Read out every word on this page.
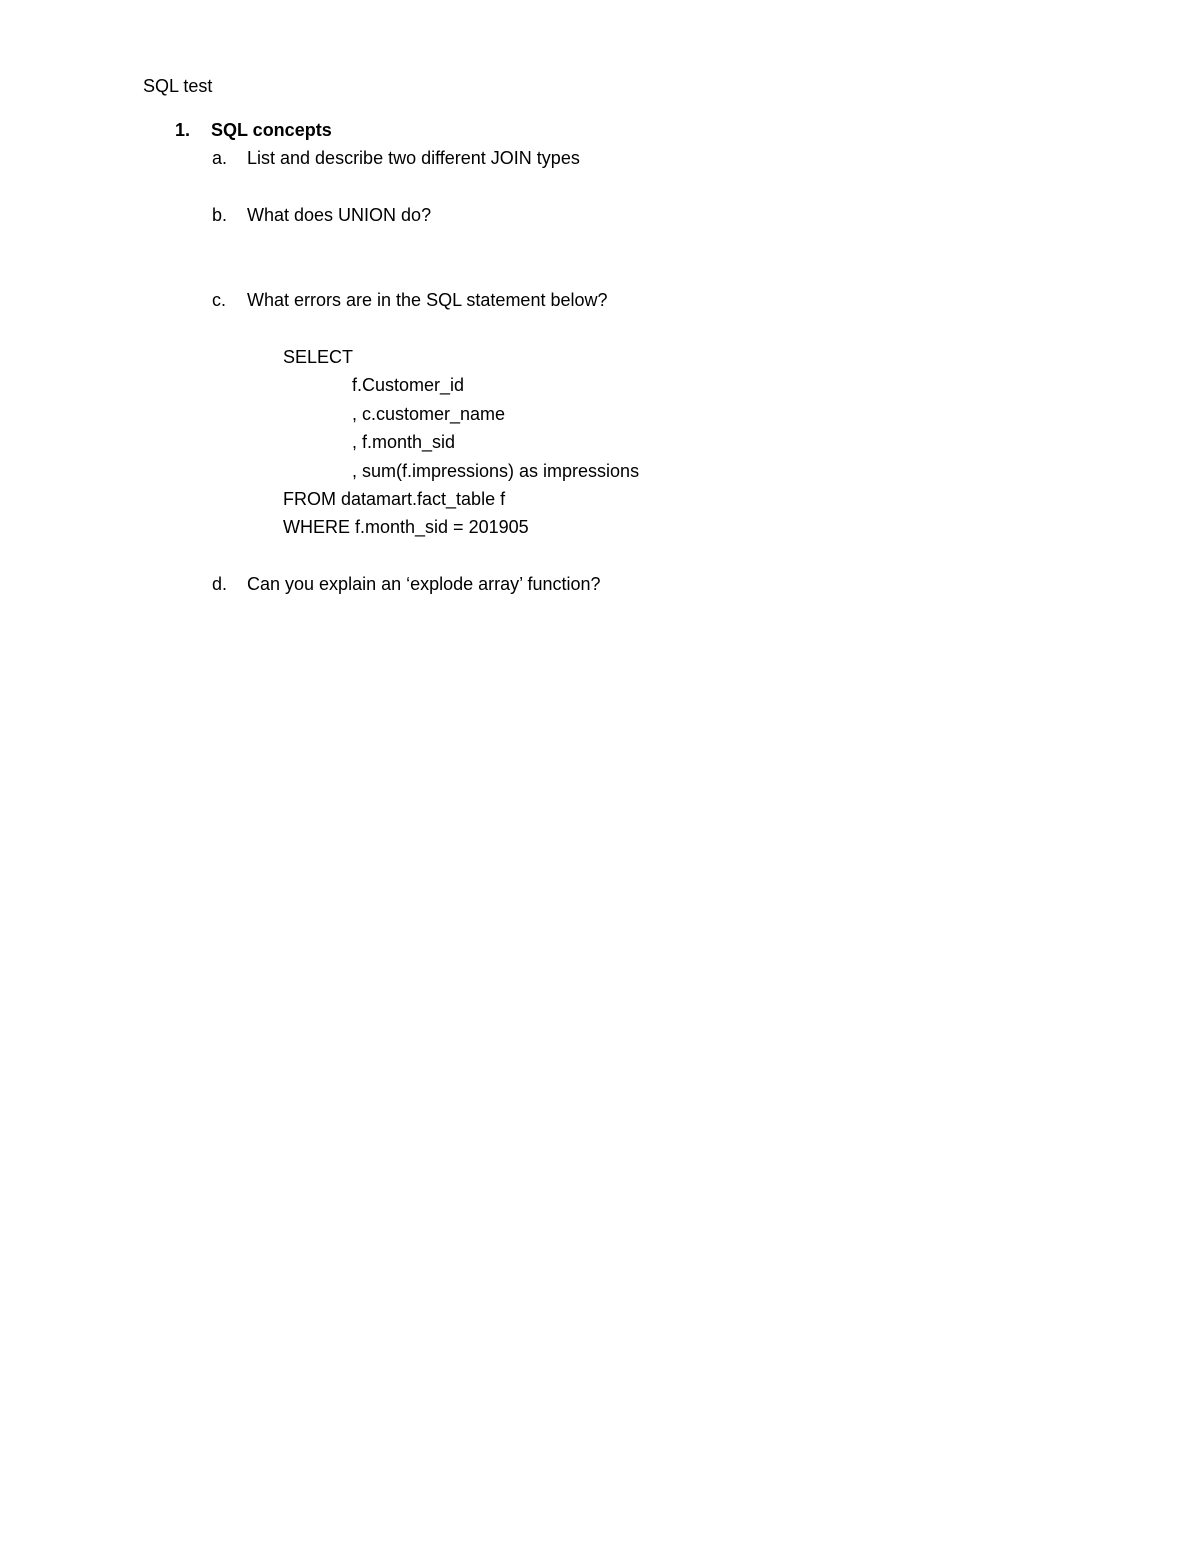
SQL test
1. SQL concepts
a. List and describe two different JOIN types
b. What does UNION do?
c. What errors are in the SQL statement below?
SELECT
f.Customer_id
, c.customer_name
, f.month_sid
, sum(f.impressions) as impressions
FROM datamart.fact_table f
WHERE f.month_sid = 201905
d. Can you explain an ‘explode array’ function?
